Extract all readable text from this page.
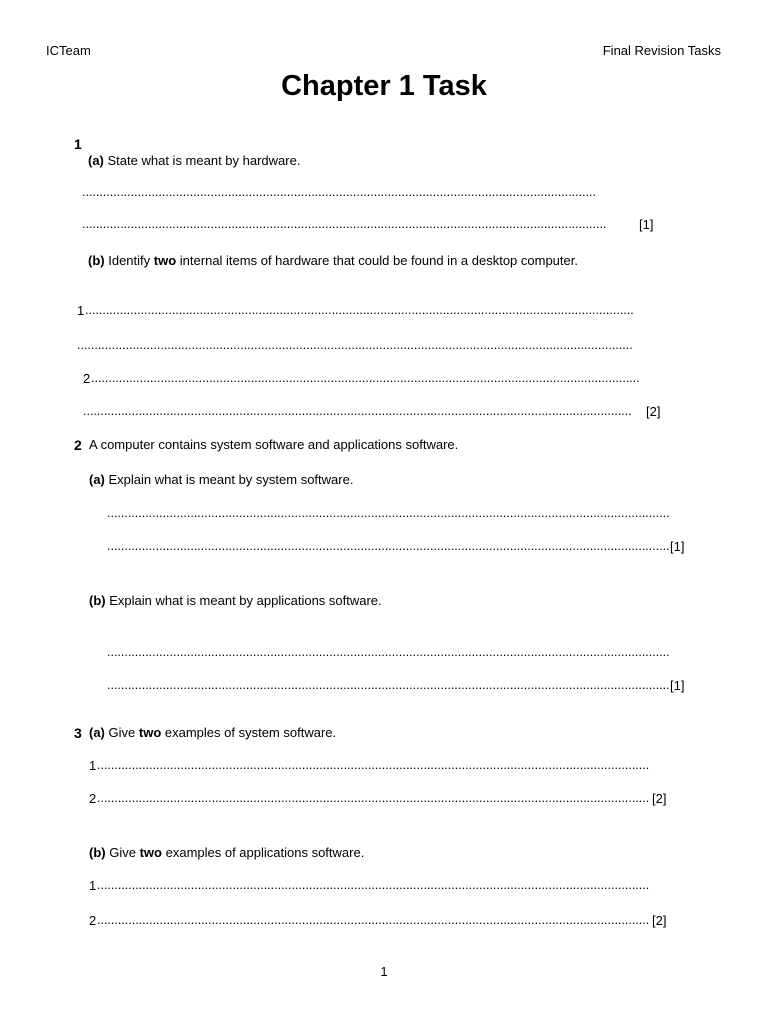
ICTeam	Final Revision Tasks
Chapter 1 Task
1
(a) State what is meant by hardware.
....................................................................................................................................................
.......................................................................................................................................................	[1]
(b) Identify two internal items of hardware that could be found in a desktop computer.
1 ..............................................................................................................................................................
................................................................................................................................................................
2 ..............................................................................................................................................................
..............................................................................................................................................................	[2]
2 A computer contains system software and applications software.
(a) Explain what is meant by system software.
..................................................................................................................................................................
.................................................................................................................................................................. [1]
(b) Explain what is meant by applications software.
..................................................................................................................................................................
.................................................................................................................................................................. [1]
3 (a) Give two examples of system software.
1 ...............................................................................................................................................................
2 ............................................................................................................................................................... [2]
(b) Give two examples of applications software.
1 ...............................................................................................................................................................
2 ............................................................................................................................................................... [2]
1
